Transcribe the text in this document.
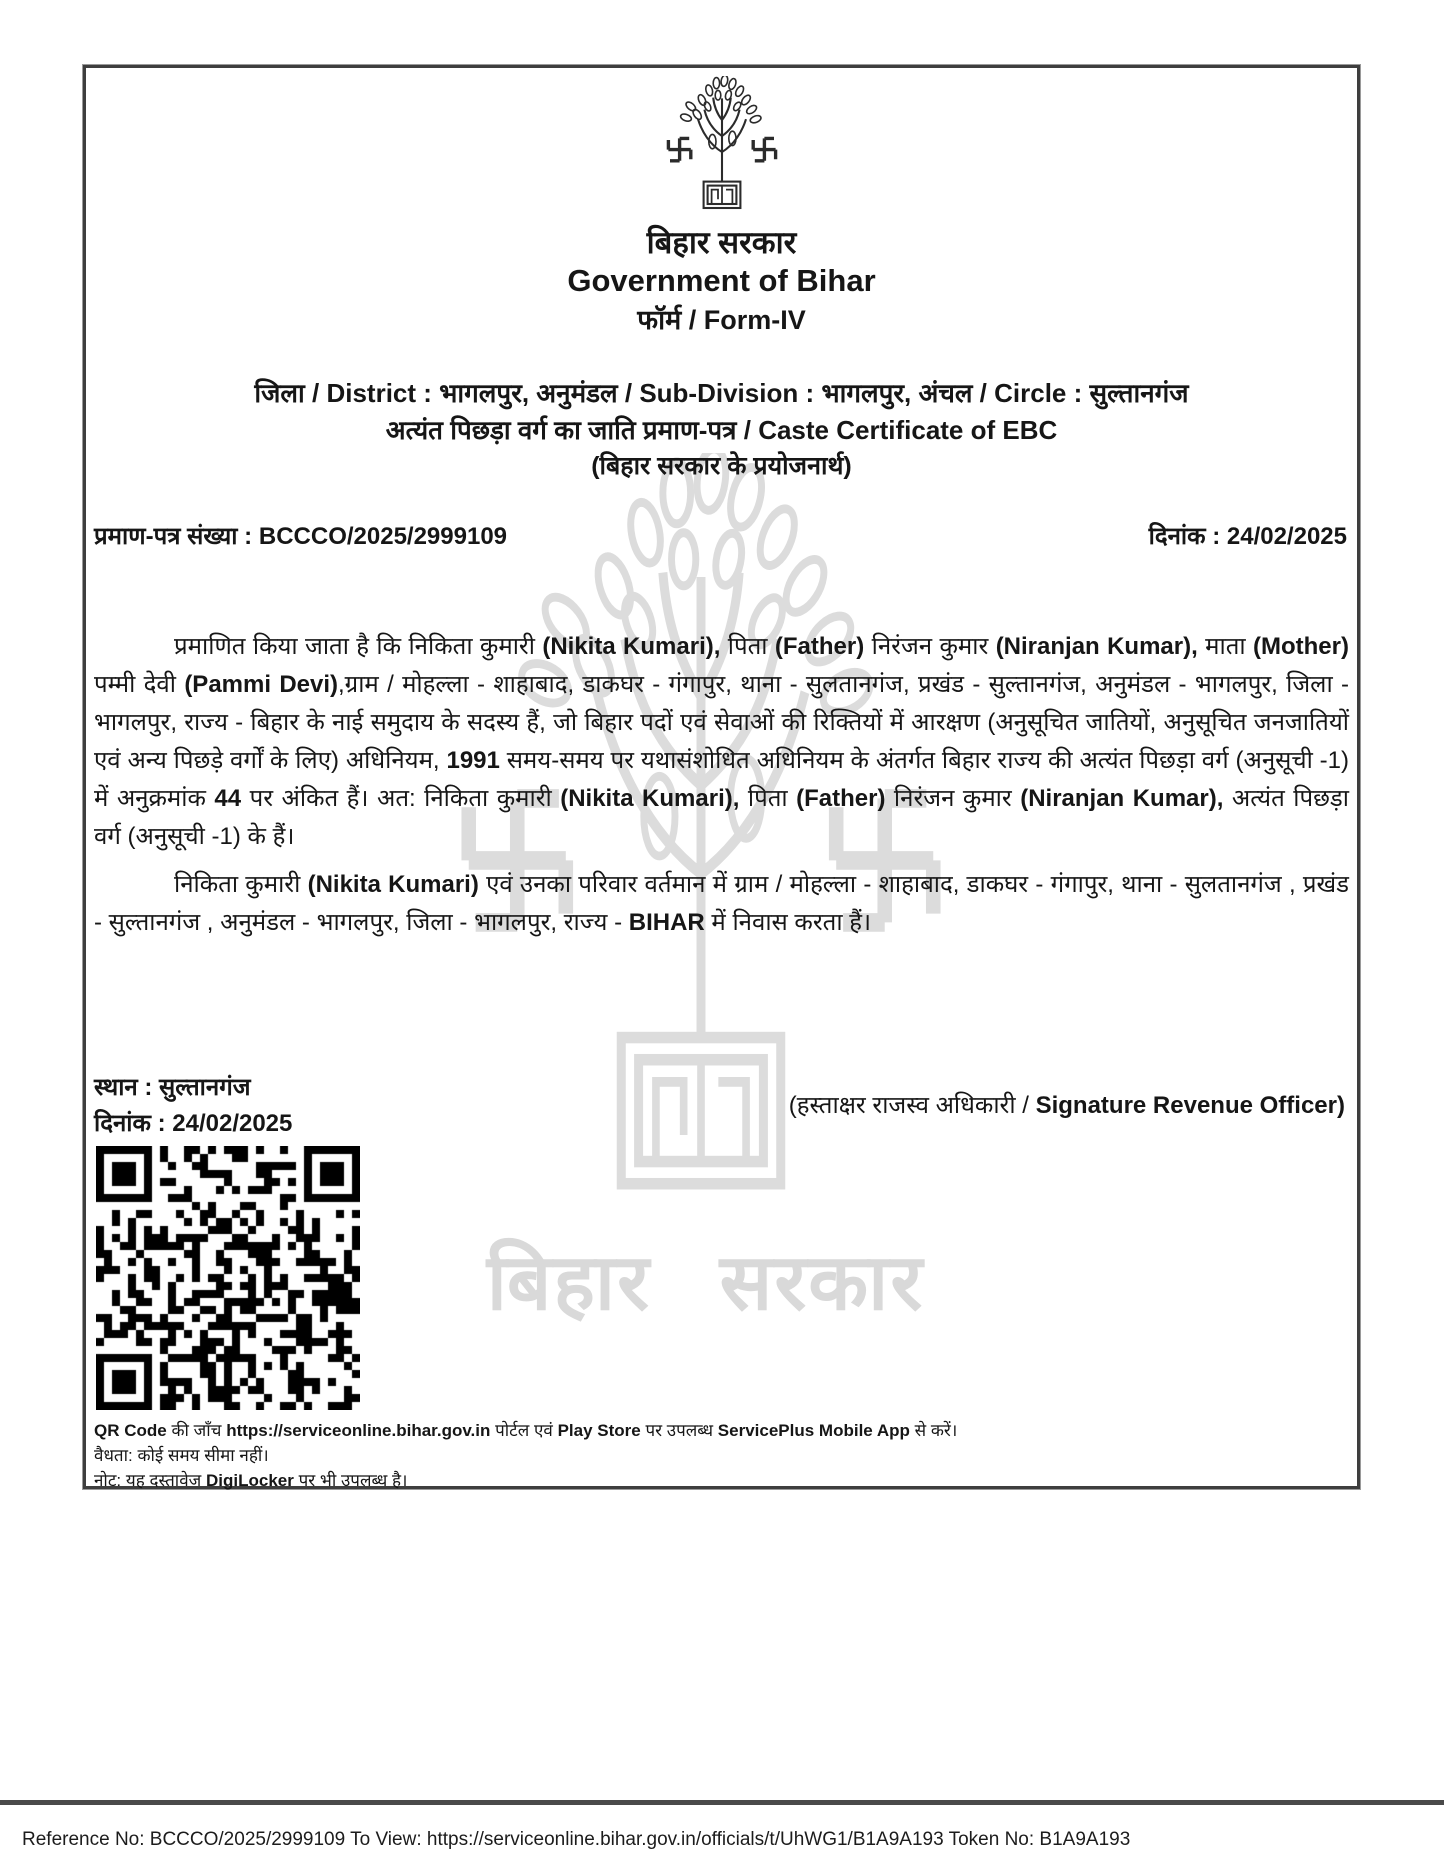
बिहार सरकार
बिहार सरकार
Government of Bihar
फॉर्म / Form-IV
जिला / District : भागलपुर, अनुमंडल / Sub-Division : भागलपुर, अंचल / Circle : सुल्तानगंज
अत्यंत पिछड़ा वर्ग का जाति प्रमाण-पत्र / Caste Certificate of EBC
(बिहार सरकार के प्रयोजनार्थ)
प्रमाण-पत्र संख्या : BCCCO/2025/2999109	दिनांक : 24/02/2025
प्रमाणित किया जाता है कि निकिता कुमारी (Nikita Kumari), पिता (Father) निरंजन कुमार (Niranjan Kumar), माता (Mother) पम्मी देवी (Pammi Devi),ग्राम / मोहल्ला - शाहाबाद, डाकघर - गंगापुर, थाना - सुलतानगंज, प्रखंड - सुल्तानगंज, अनुमंडल - भागलपुर, जिला - भागलपुर, राज्य - बिहार के नाई समुदाय के सदस्य हैं, जो बिहार पदों एवं सेवाओं की रिक्तियों में आरक्षण (अनुसूचित जातियों, अनुसूचित जनजातियों एवं अन्य पिछड़े वर्गों के लिए) अधिनियम, 1991 समय-समय पर यथासंशोधित अधिनियम के अंतर्गत बिहार राज्य की अत्यंत पिछड़ा वर्ग (अनुसूची -1) में अनुक्रमांक 44 पर अंकित हैं। अत: निकिता कुमारी (Nikita Kumari), पिता (Father) निरंजन कुमार (Niranjan Kumar), अत्यंत पिछड़ा वर्ग (अनुसूची -1) के हैं।
निकिता कुमारी (Nikita Kumari) एवं उनका परिवार वर्तमान में ग्राम / मोहल्ला - शाहाबाद, डाकघर - गंगापुर, थाना - सुलतानगंज , प्रखंड - सुल्तानगंज , अनुमंडल - भागलपुर, जिला - भागलपुर, राज्य - BIHAR में निवास करता हैं।
स्थान : सुल्तानगंज
दिनांक : 24/02/2025
(हस्ताक्षर राजस्व अधिकारी / Signature Revenue Officer)
QR Code की जाँच https://serviceonline.bihar.gov.in पोर्टल एवं Play Store पर उपलब्ध ServicePlus Mobile App से करें।
वैधता: कोई समय सीमा नहीं।
नोट: यह दस्तावेज DigiLocker पर भी उपलब्ध है।
Reference No: BCCCO/2025/2999109 To View: https://serviceonline.bihar.gov.in/officials/t/UhWG1/B1A9A193 Token No: B1A9A193
